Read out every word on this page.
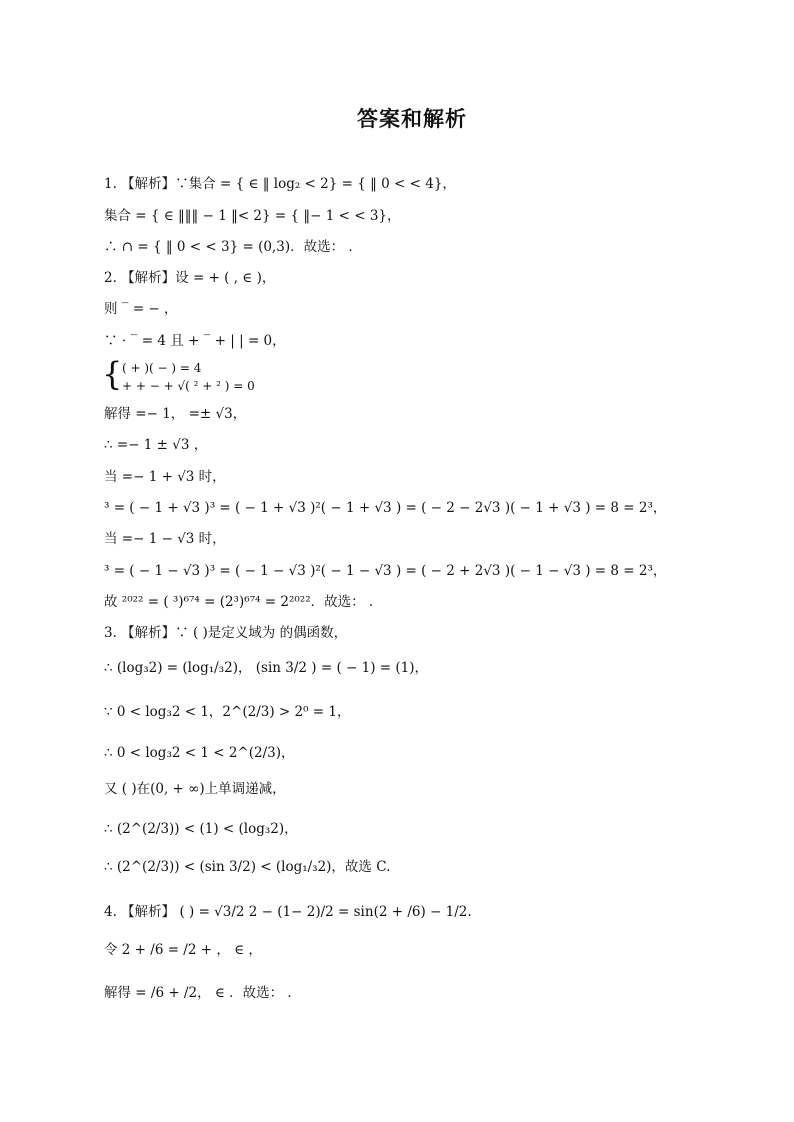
答案和解析
1. 【解析】∵集合 = { ∈ ‖ log₂ < 2} = { ‖ 0 < < 4}，
集合 = { ∈ ‖‖‖ − 1 ‖< 2} = { ‖− 1 < < 3}，
∴ ∩ = { ‖ 0 < < 3} = (0,3)．故选： ．
2. 【解析】设 = + ( , ∈ )，
则 ‾ = − ，
∵ ⋅ ‾ = 4 且 + ‾ + | | = 0，
{ ( + )( − ) = 4
+ + − + √( ² + ² ) = 0
解得 =− 1， =± √3，
∴ =− 1 ± √3 ，
当 =− 1 + √3 时，
³ = ( − 1 + √3 )³ = ( − 1 + √3 )²( − 1 + √3 ) = ( − 2 − 2√3 )( − 1 + √3 ) = 8 = 2³，
当 =− 1 − √3 时，
³ = ( − 1 − √3 )³ = ( − 1 − √3 )²( − 1 − √3 ) = ( − 2 + 2√3 )( − 1 − √3 ) = 8 = 2³，
故 ²⁰²² = ( ³)⁶⁷⁴ = (2³)⁶⁷⁴ = 2²⁰²²．故选： ．
3. 【解析】∵ ( )是定义域为 的偶函数，
∴ (log₃2) = (log₁/₃2)， (sin 3/2 ) = ( − 1) = (1)，
∵ 0 < log₃2 < 1，2^(2/3) > 2⁰ = 1，
∴ 0 < log₃2 < 1 < 2^(2/3)，
又 ( )在(0, + ∞)上单调递减，
∴ (2^(2/3)) < (1) < (log₃2)，
∴ (2^(2/3)) < (sin 3/2) < (log₁/₃2)，故选 C.
4. 【解析】 ( ) = √3/2 2 − (1− 2)/2 = sin(2 + /6) − 1/2.
令 2 + /6 = /2 + ， ∈ ，
解得 = /6 + /2， ∈ ．故选： ．
